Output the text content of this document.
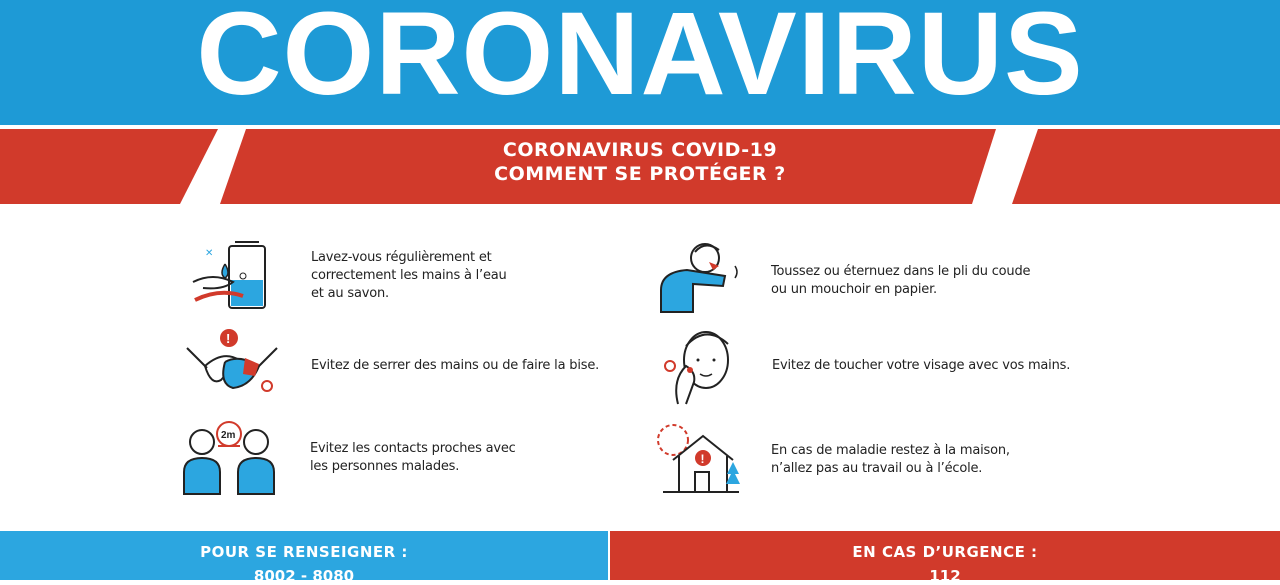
CORONAVIRUS
CORONAVIRUS COVID-19
COMMENT SE PROTÉGER ?
✕	Lavez-vous régulièrement et
correctement les mains à l’eau
et au savon.
!
Evitez de serrer des mains ou de faire la bise.
2m
Evitez les contacts proches avec
les personnes malades.
Toussez ou éternuez dans le pli du coude
ou un mouchoir en papier.
Evitez de toucher votre visage avec vos mains.
!
En cas de maladie restez à la maison,
n’allez pas au travail ou à l’école.
POUR SE RENSEIGNER :
8002 - 8080
EN CAS D’URGENCE :
112
